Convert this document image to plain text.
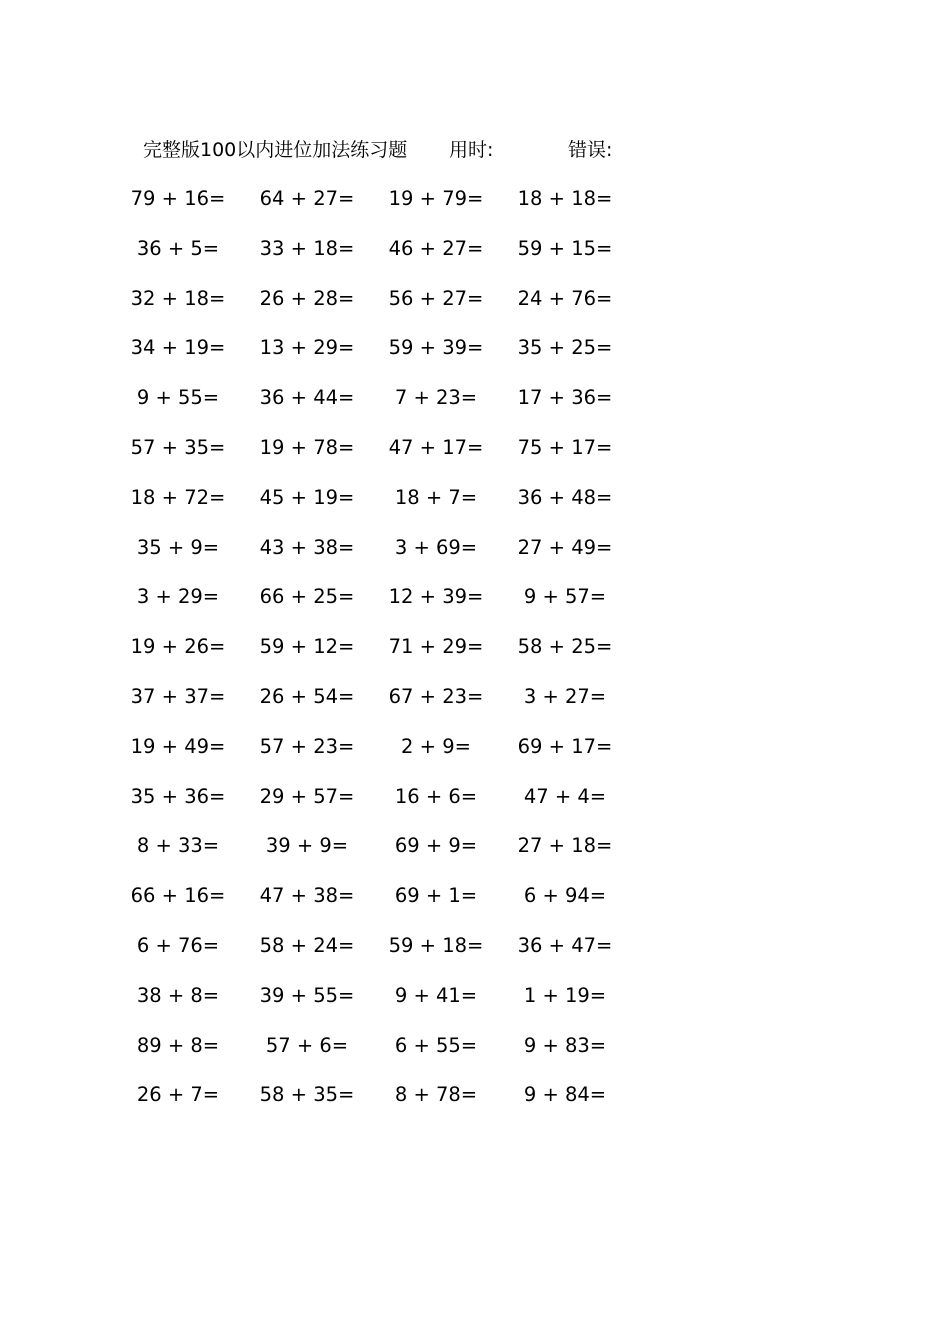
完整版100以内进位加法练习题 用时:	错误:
79 + 16=	64 + 27=	19 + 79=	18 + 18=
36 + 5=	33 + 18=	46 + 27=	59 + 15=
32 + 18=	26 + 28=	56 + 27=	24 + 76=
34 + 19=	13 + 29=	59 + 39=	35 + 25=
9 + 55=	36 + 44=	7 + 23=	17 + 36=
57 + 35=	19 + 78=	47 + 17=	75 + 17=
18 + 72=	45 + 19=	18 + 7=	36 + 48=
35 + 9=	43 + 38=	3 + 69=	27 + 49=
3 + 29=	66 + 25=	12 + 39=	9 + 57=
19 + 26=	59 + 12=	71 + 29=	58 + 25=
37 + 37=	26 + 54=	67 + 23=	3 + 27=
19 + 49=	57 + 23=	2 + 9=	69 + 17=
35 + 36=	29 + 57=	16 + 6=	47 + 4=
8 + 33=	39 + 9=	69 + 9=	27 + 18=
66 + 16=	47 + 38=	69 + 1=	6 + 94=
6 + 76=	58 + 24=	59 + 18=	36 + 47=
38 + 8=	39 + 55=	9 + 41=	1 + 19=
89 + 8=	57 + 6=	6 + 55=	9 + 83=
26 + 7=	58 + 35=	8 + 78=	9 + 84=
